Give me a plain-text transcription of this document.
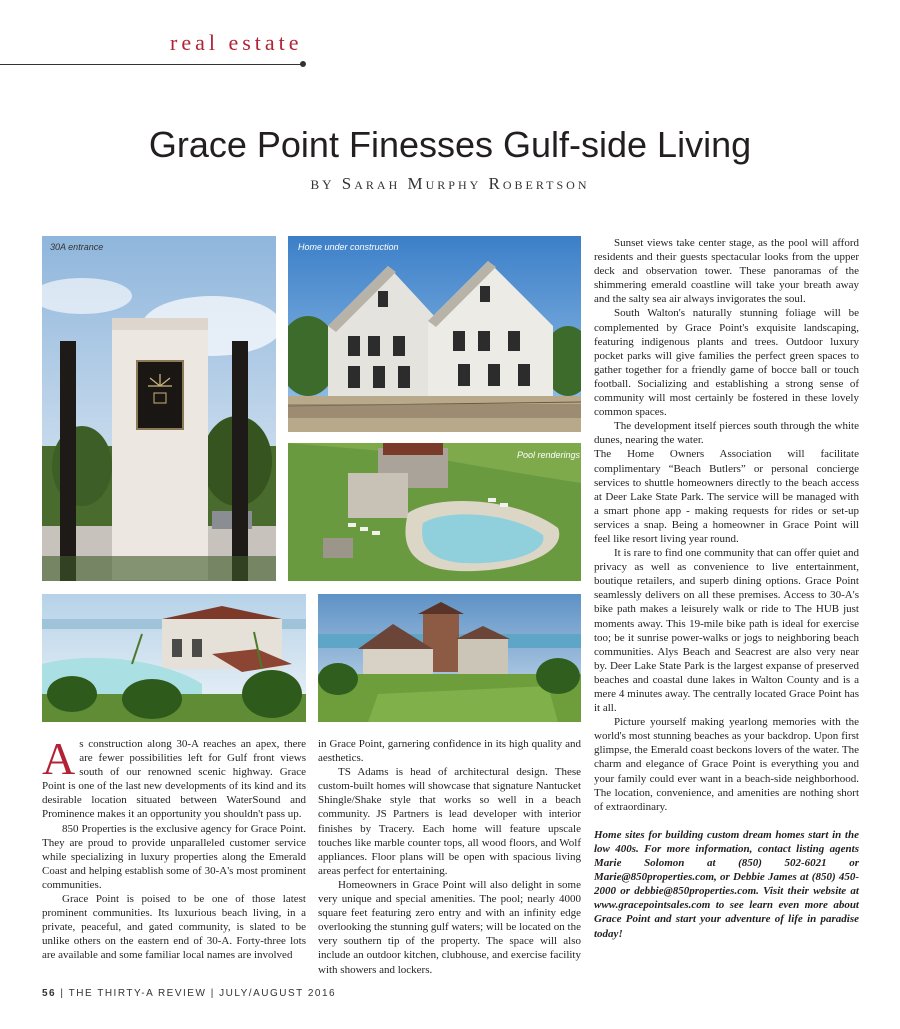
real estate
Grace Point Finesses Gulf-side Living
BY Sarah Murphy Robertson
30A entrance	Home under construction
Pool renderings
A s construction along 30-A reaches an apex, there are fewer possibilities left for Gulf front views south of our renowned scenic highway. Grace Point is one of the last new developments of its kind and its desirable location situated between WaterSound and Prominence makes it an opportunity you shouldn't pass up.

850 Properties is the exclusive agency for Grace Point. They are proud to provide unparalleled customer service while specializing in luxury properties along the Emerald Coast and helping establish some of 30-A's most prominent communities.

Grace Point is poised to be one of those latest prominent communities. Its luxurious beach living, in a private, peaceful, and gated community, is slated to be unlike others on the eastern end of 30-A. Forty-three lots are available and some familiar local names are involved

in Grace Point, garnering confidence in its high quality and aesthetics.

TS Adams is head of architectural design. These custom-built homes will showcase that signature Nantucket Shingle/Shake style that works so well in a beach community. JS Partners is lead developer with interior finishes by Tracery. Each home will feature upscale touches like marble counter tops, all wood floors, and Wolf appliances. Floor plans will be open with spacious living areas perfect for entertaining.

Homeowners in Grace Point will also delight in some very unique and special amenities. The pool; nearly 4000 square feet featuring zero entry and with an infinity edge overlooking the stunning gulf waters; will be located on the very southern tip of the property. The space will also include an outdoor kitchen, clubhouse, and exercise facility with showers and lockers.

Sunset views take center stage, as the pool will afford residents and their guests spectacular looks from the upper deck and observation tower. These panoramas of the shimmering emerald coastline will take your breath away and the salty sea air always invigorates the soul.

South Walton's naturally stunning foliage will be complemented by Grace Point's exquisite landscaping, featuring indigenous plants and trees. Outdoor luxury pocket parks will give families the perfect green spaces to gather together for a friendly game of bocce ball or touch football. Socializing and establishing a strong sense of community will most certainly be fostered in these lovely common spaces.

The development itself pierces south through the white dunes, nearing the water.

The Home Owners Association will facilitate complimentary “Beach Butlers” or personal concierge services to shuttle homeowners directly to the beach access at Deer Lake State Park. The service will be managed with a smart phone app - making requests for rides or set-up services a snap. Being a homeowner in Grace Point will feel like resort living year round.

It is rare to find one community that can offer quiet and privacy as well as convenience to live entertainment, boutique retailers, and superb dining options. Grace Point seamlessly delivers on all these premises. Access to 30-A's bike path makes a leisurely walk or ride to The HUB just moments away. This 19-mile bike path is ideal for exercise too; be it sunrise power-walks or jogs to neighboring beach communities. Alys Beach and Seacrest are also very near by. Deer Lake State Park is the largest expanse of preserved beaches and coastal dune lakes in Walton County and is a mere 4 minutes away. The centrally located Grace Point has it all.

Picture yourself making yearlong memories with the world's most stunning beaches as your backdrop. Upon first glimpse, the Emerald coast beckons lovers of the water. The charm and elegance of Grace Point is everything you and your family could ever want in a beach-side neighborhood. The location, convenience, and amenities are nothing short of extraordinary.

Home sites for building custom dream homes start in the low 400s. For more information, contact listing agents Marie Solomon at (850) 502-6021 or Marie@850properties.com, or Debbie James at (850) 450-2000 or debbie@850properties.com. Visit their website at www.gracepointsales.com to see learn even more about Grace Point and start your adventure of life in paradise today!

56 | THE THIRTY-A REVIEW | JULY/AUGUST 2016
